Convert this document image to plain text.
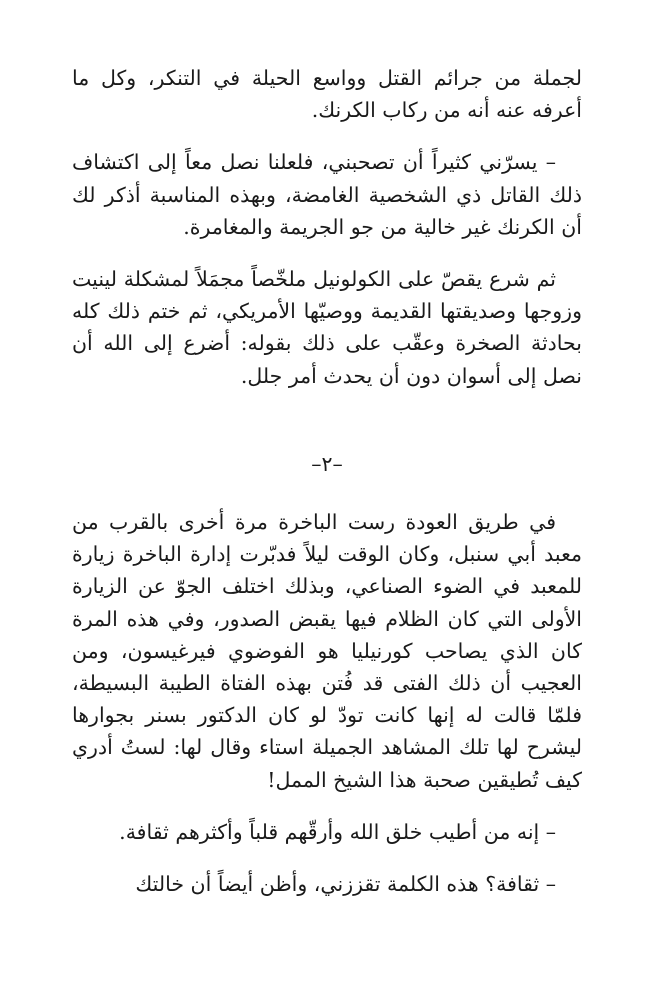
لجملة من جرائم القتل وواسع الحيلة في التنكر، وكل ما أعرفه عنه أنه من ركاب الكرنك.

– يسرّني كثيراً أن تصحبني، فلعلنا نصل معاً إلى اكتشاف ذلك القاتل ذي الشخصية الغامضة، وبهذه المناسبة أذكر لك أن الكرنك غير خالية من جو الجريمة والمغامرة.

ثم شرع يقصّ على الكولونيل ملخّصاً مجمَلاً لمشكلة لينيت وزوجها وصديقتها القديمة ووصيّها الأمريكي، ثم ختم ذلك كله بحادثة الصخرة وعقّب على ذلك بقوله: أضرع إلى الله أن نصل إلى أسوان دون أن يحدث أمر جلل.

–٢–

في طريق العودة رست الباخرة مرة أخرى بالقرب من معبد أبي سنبل، وكان الوقت ليلاً فدبّرت إدارة الباخرة زيارة للمعبد في الضوء الصناعي، وبذلك اختلف الجوّ عن الزيارة الأولى التي كان الظلام فيها يقبض الصدور، وفي هذه المرة كان الذي يصاحب كورنيليا هو الفوضوي فيرغيسون، ومن العجيب أن ذلك الفتى قد فُتن بهذه الفتاة الطيبة البسيطة، فلمّا قالت له إنها كانت تودّ لو كان الدكتور بسنر بجوارها ليشرح لها تلك المشاهد الجميلة استاء وقال لها: لستُ أدري كيف تُطيقين صحبة هذا الشيخ الممل!

– إنه من أطيب خلق الله وأرقّهم قلباً وأكثرهم ثقافة.

– ثقافة؟ هذه الكلمة تقززني، وأظن أيضاً أن خالتك
